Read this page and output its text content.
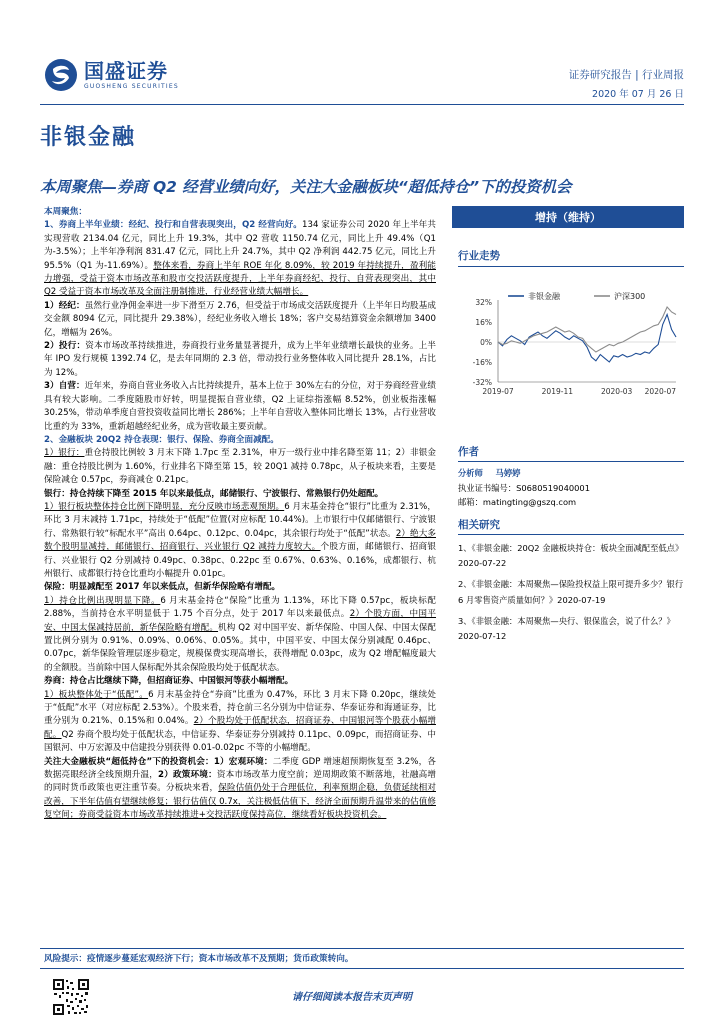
国盛证券
GUOSHENG SECURITIES
证券研究报告 | 行业周报
2020 年 07 月 26 日
非银金融
本周聚焦—券商 Q2 经营业绩向好，关注大金融板块“超低持仓”下的投资机会
增持（维持）
行业走势
32%
16%
0%
-16%
-32%
2019-07	2019-11	2020-03 2020-07
非银金融	沪深300
作者
分析师 马婷婷
执业证书编号：S0680519040001
邮箱：matingting@gszq.com
相关研究

1、《非银金融：20Q2 金融板块持仓：板块全面减配至低点》2020-07-22

2、《非银金融：本周聚焦—保险投权益上限可提升多少？银行 6 月零售资产质量如何？》2020-07-19

3、《非银金融：本周聚焦—央行、银保监会，说了什么？》2020-07-12

本周聚焦：

1、券商上半年业绩：经纪、投行和自营表现突出，Q2 经营向好。134 家证券公司 2020 年上半年共实现营收 2134.04 亿元，同比上升 19.3%，其中 Q2 营收 1150.74 亿元，同比上升 49.4%（Q1 为-3.5%）；上半年净利润 831.47 亿元，同比上升 24.7%，其中 Q2 净利润 442.75 亿元，同比上升 95.5%（Q1 为-11.69%）。整体来看，券商上半年 ROE 年化 8.09%，较 2019 年持续提升，盈利能力增强，受益于资本市场改革和股市交投活跃度提升，上半年券商经纪、投行、自营表现突出，其中 Q2 受益于资本市场改革及全面注册制推进，行业经营业绩大幅增长。

1）经纪：虽然行业净佣金率进一步下滑至万 2.76，但受益于市场成交活跃度提升（上半年日均股基成交金额 8094 亿元，同比提升 29.38%），经纪业务收入增长 18%；客户交易结算资金余额增加 3400 亿，增幅为 26%。

2）投行：资本市场改革持续推进，券商投行业务量显著提升，成为上半年业绩增长最快的业务。上半年 IPO 发行规模 1392.74 亿，是去年同期的 2.3 倍，带动投行业务整体收入同比提升 28.1%，占比为 12%。

3）自营：近年来，券商自营业务收入占比持续提升，基本上位于 30%左右的分位，对于券商经营业绩具有较大影响。二季度随股市好转，明显提振自营业绩，Q2 上证综指涨幅 8.52%，创业板指涨幅 30.25%，带动单季度自营投资收益同比增长 286%；上半年自营收入整体同比增长 13%，占行业营收比重约为 33%，重新超越经纪业务，成为营收最主要贡献。

2、金融板块 20Q2 持仓表现：银行、保险、券商全面减配。

1）银行：重仓持股比例较 3 月末下降 1.7pc 至 2.31%，申万一级行业中排名降至第 11；2）非银金融：重仓持股比例为 1.60%，行业排名下降至第 15，较 20Q1 减持 0.78pc，从子板块来看，主要是保险减仓 0.57pc，券商减仓 0.21pc。

银行：持仓持续下降至 2015 年以来最低点，邮储银行、宁波银行、常熟银行仍处超配。

1）银行板块整体持仓比例下降明显，充分反映市场悲观预期。6 月末基金持仓“银行”比重为 2.31%，环比 3 月末减持 1.71pc，持续处于“低配”位置(对应标配 10.44%)。上市银行中仅邮储银行、宁波银行、常熟银行较“标配水平”高出 0.64pc、0.12pc、0.04pc，其余银行均处于“低配”状态。2）绝大多数个股明显减持，邮储银行、招商银行、兴业银行 Q2 减持力度较大。个股方面，邮储银行、招商银行、兴业银行 Q2 分别减持 0.49pc、0.38pc、0.22pc 至 0.67%、0.63%、0.16%，成都银行、杭州银行、成都银行持仓比重均小幅提升 0.01pc。

保险：明显减配至 2017 年以来低点，但新华保险略有增配。

1）持仓比例出现明显下降。6 月末基金持仓“保险”比重为 1.13%，环比下降 0.57pc，板块标配 2.88%，当前持仓水平明显低于 1.75 个百分点，处于 2017 年以来最低点。2）个股方面，中国平安、中国太保减持居前，新华保险略有增配。机构 Q2 对中国平安、新华保险、中国人保、中国太保配置比例分别为 0.91%、0.09%、0.06%、0.05%。其中，中国平安、中国太保分别减配 0.46pc、0.07pc，新华保险管理层逐步稳定，规模保费实现高增长，获得增配 0.03pc，成为 Q2 增配幅度最大的全额股。当前除中国人保标配外其余保险股均处于低配状态。

券商：持仓占比继续下降，但招商证券、中国银河等获小幅增配。

1）板块整体处于“低配”。6 月末基金持仓“券商”比重为 0.47%，环比 3 月末下降 0.20pc，继续处于“低配”水平（对应标配 2.53%）。个股来看，持仓前三名分别为中信证券、华泰证券和海通证券，比重分别为 0.21%、0.15%和 0.04%。2）个股均处于低配状态，招商证券、中国银河等个股获小幅增配。Q2 券商个股均处于低配状态，中信证券、华泰证券分别减持 0.11pc、0.09pc，而招商证券、中国银河、中万宏源及中信建投分别获得 0.01-0.02pc 不等的小幅增配。

关注大金融板块“超低持仓”下的投资机会：1）宏观环境：二季度 GDP 增速超预期恢复至 3.2%，各数据亮眼经济全线预期升温，2）政策环境：资本市场改革力度空前；逆周期政策不断落地，社融高增的同时货币政策也更注重节奏。分板块来看，保险估值仍处于合理低位，利率预期企稳，负债延续相对改善，下半年估值有望继续修复；银行估值仅 0.7x，关注极低估值下，经济全面预期升温带来的估值修复空间；券商受益资本市场改革持续推进+交投活跃度保持高位，继续看好板块投资机会。

风险提示：疫情逐步蔓延宏观经济下行；资本市场改革不及预期；货币政策转向。
请仔细阅读本报告末页声明
